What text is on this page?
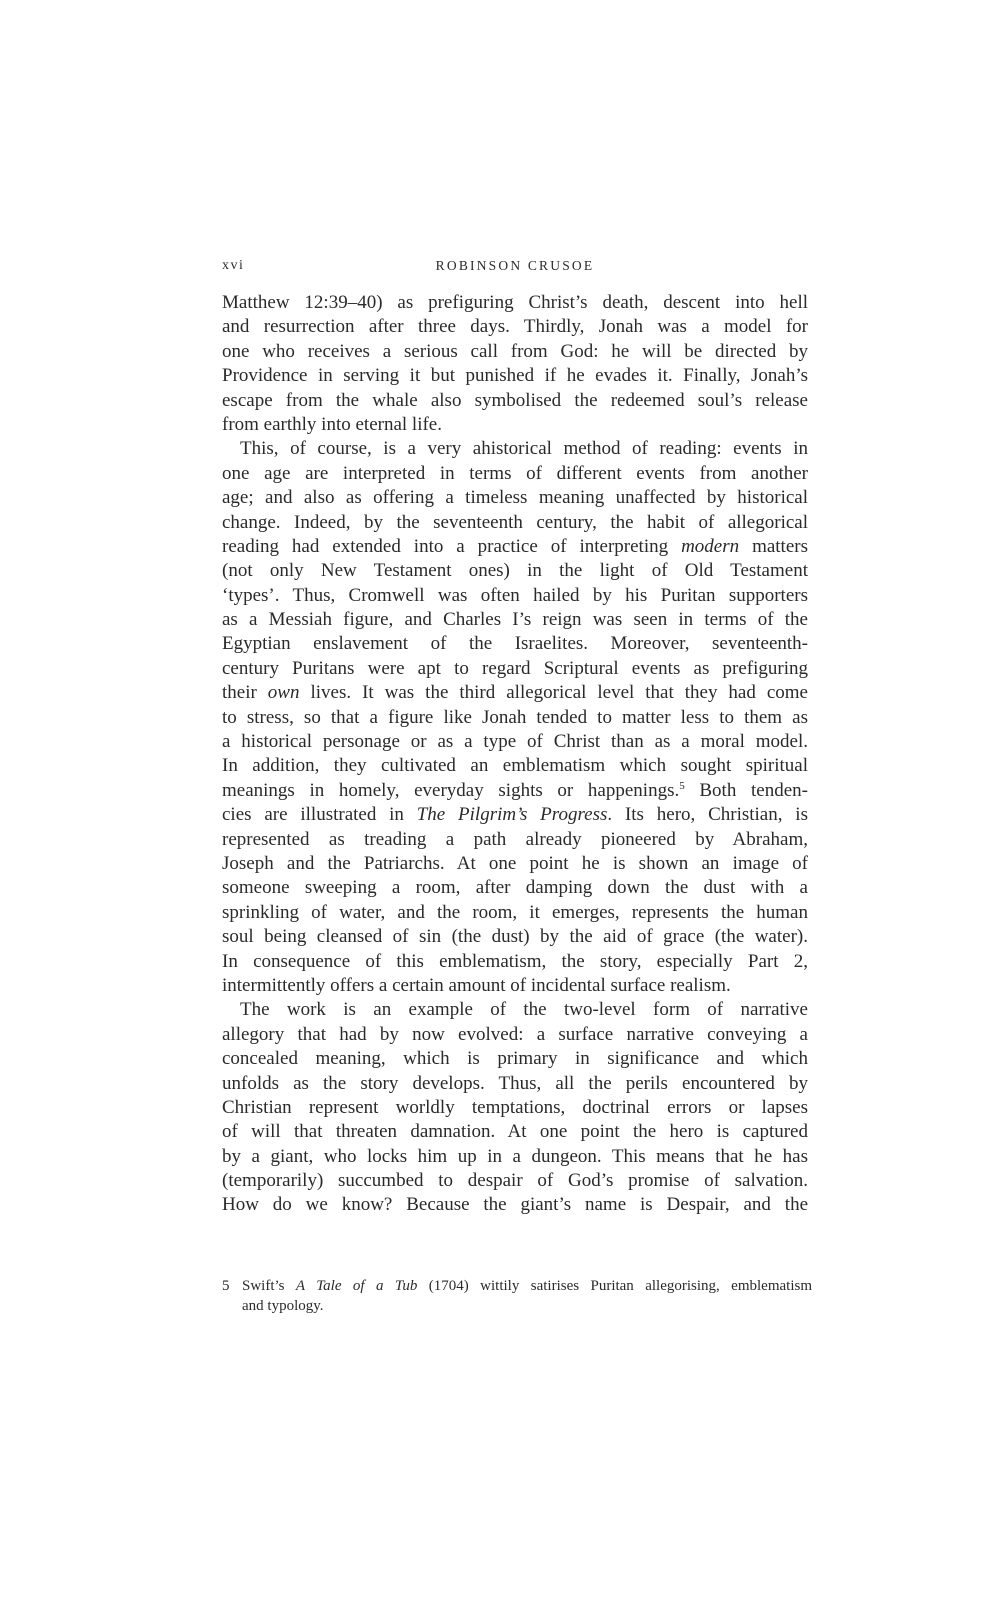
xvi	ROBINSON CRUSOE
Matthew 12:39–40) as prefiguring Christ’s death, descent into hell
and resurrection after three days. Thirdly, Jonah was a model for
one who receives a serious call from God: he will be directed by
Providence in serving it but punished if he evades it. Finally, Jonah’s
escape from the whale also symbolised the redeemed soul’s release
from earthly into eternal life.
This, of course, is a very ahistorical method of reading: events in
one age are interpreted in terms of different events from another
age; and also as offering a timeless meaning unaffected by historical
change. Indeed, by the seventeenth century, the habit of allegorical
reading had extended into a practice of interpreting modern matters
(not only New Testament ones) in the light of Old Testament
‘types’. Thus, Cromwell was often hailed by his Puritan supporters
as a Messiah figure, and Charles I’s reign was seen in terms of the
Egyptian enslavement of the Israelites. Moreover, seventeenth-
century Puritans were apt to regard Scriptural events as prefiguring
their own lives. It was the third allegorical level that they had come
to stress, so that a figure like Jonah tended to matter less to them as
a historical personage or as a type of Christ than as a moral model.
In addition, they cultivated an emblematism which sought spiritual
meanings in homely, everyday sights or happenings.$^5$ Both tenden-
cies are illustrated in The Pilgrim’s Progress. Its hero, Christian, is
represented as treading a path already pioneered by Abraham,
Joseph and the Patriarchs. At one point he is shown an image of
someone sweeping a room, after damping down the dust with a
sprinkling of water, and the room, it emerges, represents the human
soul being cleansed of sin (the dust) by the aid of grace (the water).
In consequence of this emblematism, the story, especially Part 2,
intermittently offers a certain amount of incidental surface realism.
The work is an example of the two-level form of narrative
allegory that had by now evolved: a surface narrative conveying a
concealed meaning, which is primary in significance and which
unfolds as the story develops. Thus, all the perils encountered by
Christian represent worldly temptations, doctrinal errors or lapses
of will that threaten damnation. At one point the hero is captured
by a giant, who locks him up in a dungeon. This means that he has
(temporarily) succumbed to despair of God’s promise of salvation.
How do we know? Because the giant’s name is Despair, and the
5 Swift’s A Tale of a Tub (1704) wittily satirises Puritan allegorising, emblematism
and typology.
